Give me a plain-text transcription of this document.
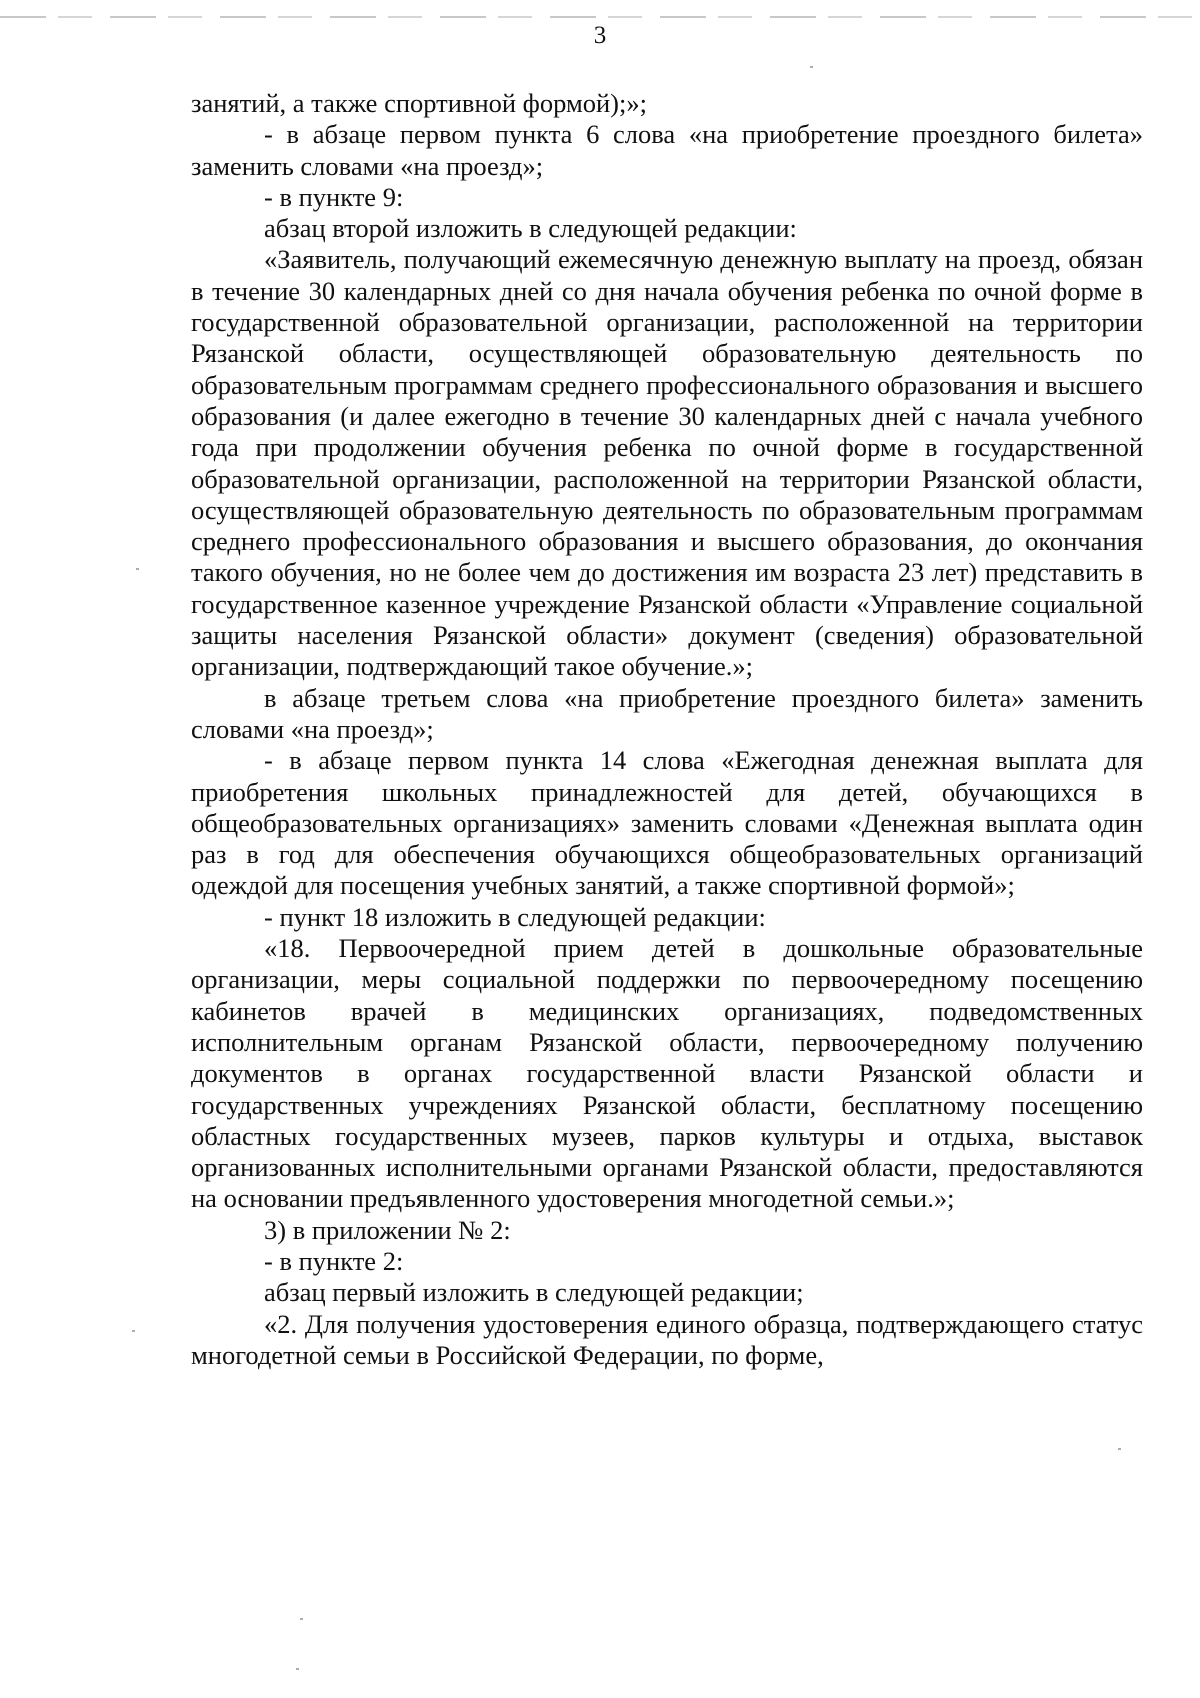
3

занятий, а также спортивной формой);»;

- в абзаце первом пункта 6 слова «на приобретение проездного билета» заменить словами «на проезд»;

- в пункте 9:

абзац второй изложить в следующей редакции:

«Заявитель, получающий ежемесячную денежную выплату на проезд, обязан в течение 30 календарных дней со дня начала обучения ребенка по очной форме в государственной образовательной организации, расположенной на территории Рязанской области, осуществляющей образовательную деятельность по образовательным программам среднего профессионального образования и высшего образования (и далее ежегодно в течение 30 календарных дней с начала учебного года при продолжении обучения ребенка по очной форме в государственной образовательной организации, расположенной на территории Рязанской области, осуществляющей образовательную деятельность по образовательным программам среднего профессионального образования и высшего образования, до окончания такого обучения, но не более чем до достижения им возраста 23 лет) представить в государственное казенное учреждение Рязанской области «Управление социальной защиты населения Рязанской области» документ (сведения) образовательной организации, подтверждающий такое обучение.»;

в абзаце третьем слова «на приобретение проездного билета» заменить словами «на проезд»;

- в абзаце первом пункта 14 слова «Ежегодная денежная выплата для приобретения школьных принадлежностей для детей, обучающихся в общеобразовательных организациях» заменить словами «Денежная выплата один раз в год для обеспечения обучающихся общеобразовательных организаций одеждой для посещения учебных занятий, а также спортивной формой»;

- пункт 18 изложить в следующей редакции:

«18. Первоочередной прием детей в дошкольные образовательные организации, меры социальной поддержки по первоочередному посещению кабинетов врачей в медицинских организациях, подведомственных исполнительным органам Рязанской области, первоочередному получению документов в органах государственной власти Рязанской области и государственных учреждениях Рязанской области, бесплатному посещению областных государственных музеев, парков культуры и отдыха, выставок организованных исполнительными органами Рязанской области, предоставляются на основании предъявленного удостоверения многодетной семьи.»;

3) в приложении № 2:

- в пункте 2:

абзац первый изложить в следующей редакции;

«2. Для получения удостоверения единого образца, подтверждающего статус многодетной семьи в Российской Федерации, по форме,
